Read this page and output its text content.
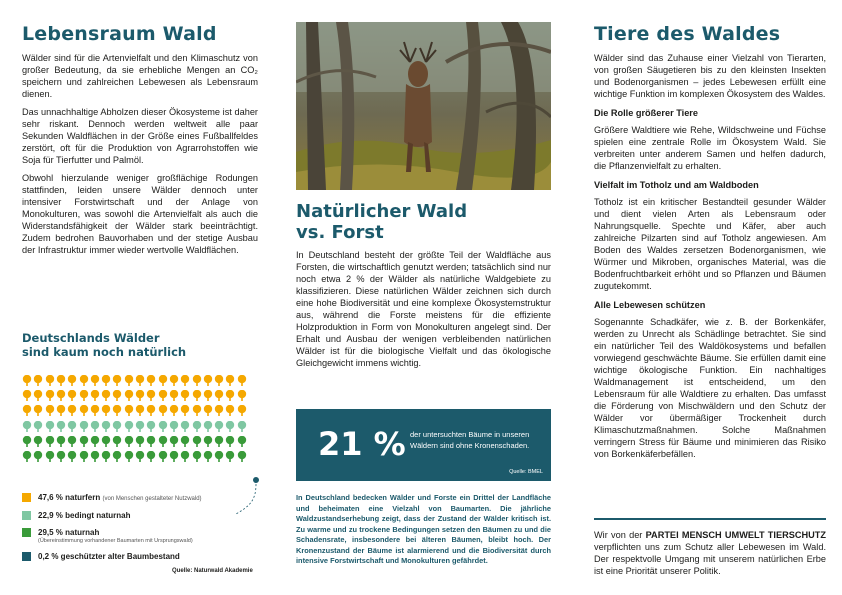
Lebensraum Wald

Wälder sind für die Artenvielfalt und den Klimaschutz von großer Bedeutung, da sie erhebliche Mengen an CO₂ speichern und zahlreichen Lebewesen als Lebensraum dienen.

Das unnachhaltige Abholzen dieser Ökosysteme ist daher sehr riskant. Dennoch werden weltweit alle paar Sekunden Waldflächen in der Größe eines Fußballfeldes zerstört, oft für die Produktion von Agrarrohstoffen wie Soja für Tierfutter und Palmöl.

Obwohl hierzulande weniger großflächige Rodungen stattfinden, leiden unsere Wälder dennoch unter intensiver Forstwirtschaft und der Anlage von Monokulturen, was sowohl die Artenvielfalt als auch die Widerstandsfähigkeit der Wälder stark beeinträchtigt. Zudem bedrohen Bauvorhaben und der stetige Ausbau der Infrastruktur immer wieder wertvolle Waldflächen.

Deutschlands Wälder
sind kaum noch natürlich
47,6 % naturfern (von Menschen gestalteter Nutzwald)
22,9 % bedingt naturnah
29,5 % naturnah
(Übereinstimmung vorhandener Baumarten mit Ursprungswald)
0,2 % geschützter alter Baumbestand
Quelle: Naturwald Akademie
Natürlicher Wald
vs. Forst

In Deutschland besteht der größte Teil der Waldfläche aus Forsten, die wirtschaftlich genutzt werden; tatsächlich sind nur noch etwa 2 % der Wälder als natürliche Waldgebiete zu klassifizieren. Diese natürlichen Wälder zeichnen sich durch eine hohe Biodiversität und eine komplexe Ökosystemstruktur aus, während die Forste meistens für die effiziente Holzproduktion in Form von Monokulturen angelegt sind. Der Erhalt und Ausbau der wenigen verbleibenden natürlichen Wälder ist für die biologische Vielfalt und das ökologische Gleichgewicht immens wichtig.

21 % der untersuchten Bäume in unseren Wäldern sind ohne Kronenschaden.
Quelle: BMEL
In Deutschland bedecken Wälder und Forste ein Drittel der Landfläche und beheimaten eine Vielzahl von Baumarten. Die jährliche Waldzustandserhebung zeigt, dass der Zustand der Wälder kritisch ist. Zu warme und zu trockene Bedingungen setzen den Bäumen zu und die Schadensrate, insbesondere bei älteren Bäumen, bleibt hoch. Der Kronenzustand der Bäume ist alarmierend und die Biodiversität durch intensive Forstwirtschaft und Monokulturen gefährdet.
Tiere des Waldes

Wälder sind das Zuhause einer Vielzahl von Tierarten, von großen Säugetieren bis zu den kleinsten Insekten und Bodenorganismen – jedes Lebewesen erfüllt eine wichtige Funktion im komplexen Ökosystem des Waldes.

Die Rolle größerer Tiere

Größere Waldtiere wie Rehe, Wildschweine und Füchse spielen eine zentrale Rolle im Ökosystem Wald. Sie verbreiten unter anderem Samen und helfen dadurch, die Pflanzenvielfalt zu erhalten.

Vielfalt im Totholz und am Waldboden

Totholz ist ein kritischer Bestandteil gesunder Wälder und dient vielen Arten als Lebensraum oder Nahrungsquelle. Spechte und Käfer, aber auch zahlreiche Pilzarten sind auf Totholz angewiesen. Am Boden des Waldes zersetzen Bodenorganismen, wie Würmer und Mikroben, organisches Material, was die Bodenfruchtbarkeit erhöht und so Pflanzen und Bäumen zugutekommt.

Alle Lebewesen schützen

Sogenannte Schadkäfer, wie z. B. der Borkenkäfer, werden zu Unrecht als Schädlinge betrachtet. Sie sind ein natürlicher Teil des Waldökosystems und befallen vorwiegend geschwächte Bäume. Sie erfüllen damit eine wichtige ökologische Funktion. Ein nachhaltiges Waldmanagement ist entscheidend, um den Lebensraum für alle Waldtiere zu erhalten. Das umfasst die Förderung von Mischwäldern und den Schutz der Wälder vor übermäßiger Trockenheit durch Klimaschutzmaßnahmen. Solche Maßnahmen verringern Stress für Bäume und minimieren das Risiko von Borkenkäferbefällen.

Wir von der PARTEI MENSCH UMWELT TIERSCHUTZ verpflichten uns zum Schutz aller Lebewesen im Wald. Der respektvolle Umgang mit unserem natürlichen Erbe ist eine Priorität unserer Politik.
